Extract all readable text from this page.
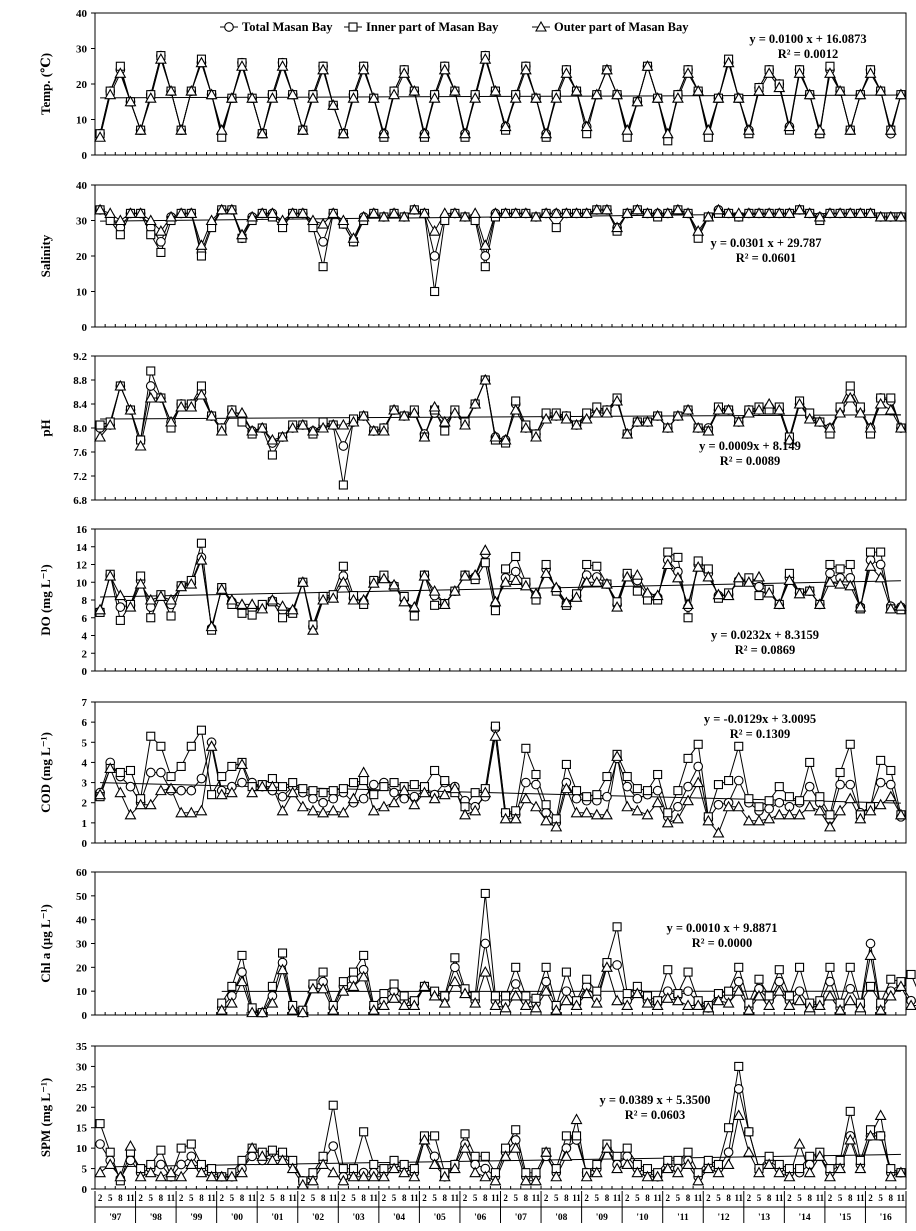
0
10
20
30
40
Temp. (℃)
y = 0.0100 x + 16.0873
R² = 0.0012
0
10
20
30
40
Salinity	y = 0.0301 x + 29.787
R² = 0.0601
6.8
7.2
7.6
8.0
8.4
8.8
9.2
pH
y = 0.0009x + 8.149
R² = 0.0089
0
2
4
6
8
10
12
14
16
DO (mg L⁻¹)	y = 0.0232x + 8.3159
R² = 0.0869
0
1
2
3
4
5
6
7
COD (mg L⁻¹)
y = -0.0129x + 3.0095
R² = 0.1309
0
10
20
30
40
50
60
Chl a (µg L⁻¹)	y = 0.0010 x + 9.8871
R² = 0.0000
0
5
10
15
20
25
30
35
SPM (mg L⁻¹)	y = 0.0389 x + 5.3500
R² = 0.0603
Total Masan Bay	Inner part of Masan Bay	Outer part of Masan Bay
2 5 8 11 2 5 8 11 2 5 8 11 2 5 8 11 2 5 8 11 2 5 8 11 2 5 8 11 2 5 8 11 2 5 8 11 2 5 8 11 2 5 8 11 2 5 8 11 2 5 8 11 2 5 8 11 2 5 8 11 2 5 8 11 2 5 8 11 2 5 8 11 2 5 8 11 2 5 8 11
'97	'98	'99	'00	'01	'02	'03	'04	'05	'06	'07	'08	'09	'10	'11	'12	'13	'14	'15	'16
